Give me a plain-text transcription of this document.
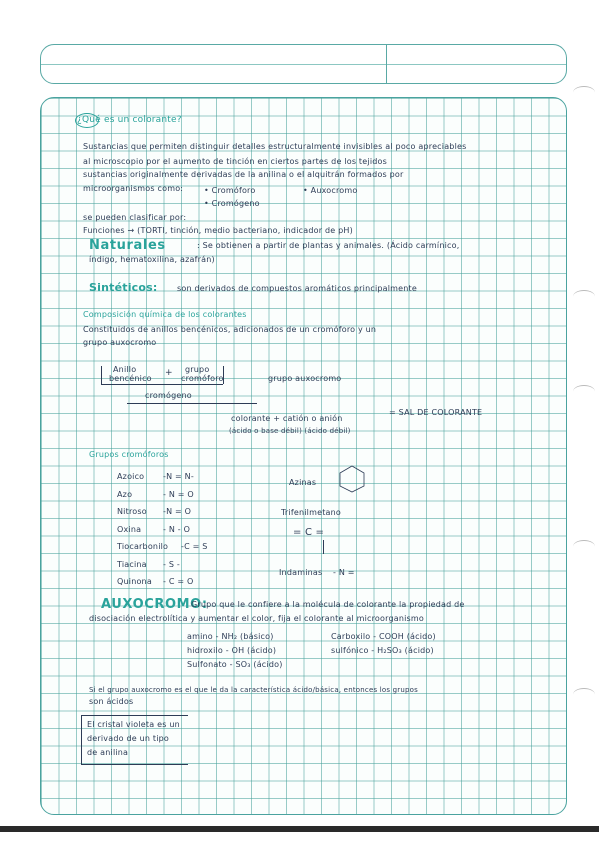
¿Qué es un colorante?
Sustancias que permiten distinguir detalles estructuralmente invisibles al poco apreciables
al microscopio por el aumento de tinción en ciertos partes de los tejidos
sustancias originalmente derivadas de la anilina o el alquitrán formados por
microorganismos como:	• Cromóforo	• Auxocromo
• Cromógeno
se pueden clasificar por:
Funciones → (TORTI, tinción, medio bacteriano, indicador de pH)
Naturales	: Se obtienen a partir de plantas y animales. (Ácido carmínico,
índigo, hematoxilina, azafrán)
Sintéticos: son derivados de compuestos aromáticos principalmente
Composición química de los colorantes
Constituidos de anillos bencénicos, adicionados de un cromóforo y un
grupo auxocromo
Anillo
bencénico
+ grupo
cromóforo	grupo auxocromo
cromógeno
colorante + catión o anión
(ácido o base débil) (ácido débil)
= SAL DE COLORANTE
Grupos cromóforos
Azoico -N = N-
Azo	- N = O
Nitroso -N = O
Oxina	- N - O
Tiocarbonilo -C = S
Tiacina - S -
Quinona - C = O
Azinas
Trifenilmetano
= C =
Indaminas - N =
AUXOCROMO:
Grupo que le confiere a la molécula de colorante la propiedad de
disociación electrolítica y aumentar el color, fija el colorante al microorganismo
amino - NH₂ (básico)	Carboxilo - COOH (ácido)
hidroxilo - OH (ácido)	sulfónico - H₂SO₃ (ácido)
Sulfonato - SO₃ (ácido)
Si el grupo auxocromo es el que le da la característica ácido/básica, entonces los grupos
son ácidos
El cristal violeta es un
derivado de un tipo
de anilina
